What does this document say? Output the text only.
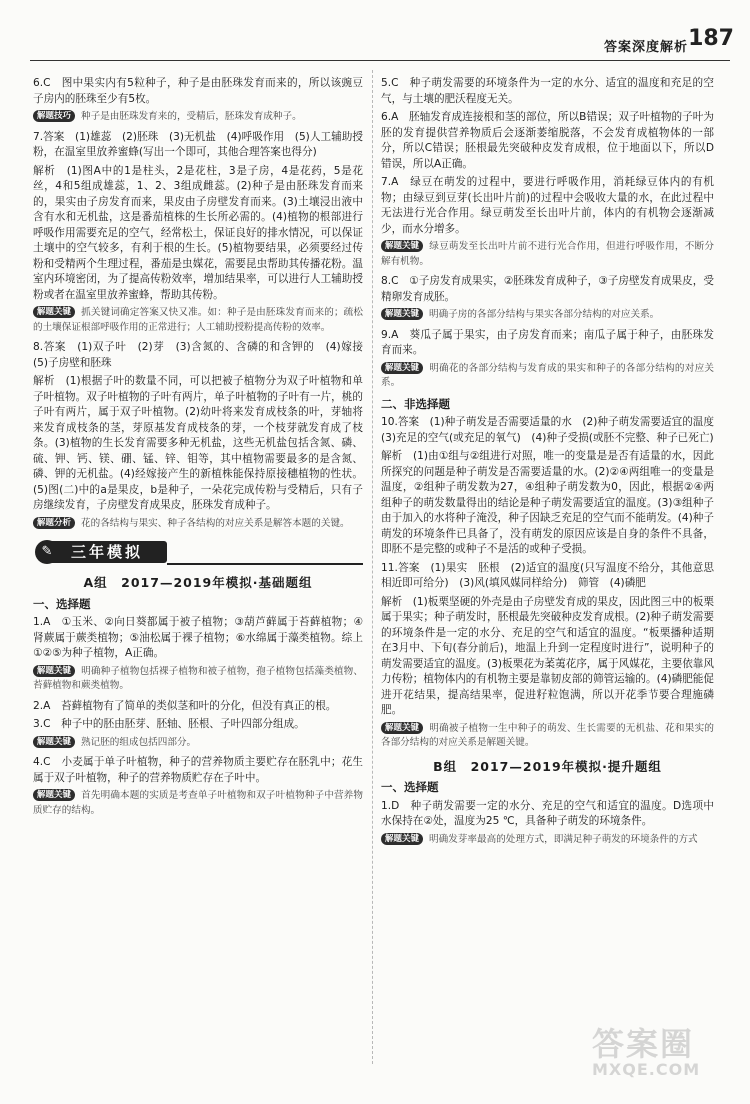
答案深度解析 187

6.C　图中果实内有5粒种子，种子是由胚珠发育而来的，所以该豌豆子房内的胚珠至少有5枚。

解题技巧 种子是由胚珠发育来的，受精后，胚珠发育成种子。

7.答案　(1)雄蕊　(2)胚珠　(3)无机盐　(4)呼吸作用　(5)人工辅助授粉，在温室里放养蜜蜂(写出一个即可，其他合理答案也得分)

解析　(1)图A中的1是柱头，2是花柱，3是子房，4是花药，5是花丝，4和5组成雄蕊，1、2、3组成雌蕊。(2)种子是由胚珠发育而来的，果实由子房发育而来，果皮由子房壁发育而来。(3)土壤浸出液中含有水和无机盐，这是番茄植株的生长所必需的。(4)植物的根部进行呼吸作用需要充足的空气，经常松土，保证良好的排水情况，可以保证土壤中的空气较多，有利于根的生长。(5)植物要结果，必须要经过传粉和受精两个生理过程，番茄是虫媒花，需要昆虫帮助其传播花粉。温室内环境密闭，为了提高传粉效率，增加结果率，可以进行人工辅助授粉或者在温室里放养蜜蜂，帮助其传粉。

解题关键 抓关键词确定答案又快又准。如：种子是由胚珠发育而来的；疏松的土壤保证根部呼吸作用的正常进行；人工辅助授粉提高传粉的效率。

8.答案　(1)双子叶　(2)芽　(3)含氮的、含磷的和含钾的　(4)嫁接　(5)子房壁和胚珠

解析　(1)根据子叶的数量不同，可以把被子植物分为双子叶植物和单子叶植物。双子叶植物的子叶有两片，单子叶植物的子叶有一片，桃的子叶有两片，属于双子叶植物。(2)幼叶将来发育成枝条的叶，芽轴将来发育成枝条的茎，芽原基发育成枝条的芽，一个枝芽就发育成了枝条。(3)植物的生长发育需要多种无机盐，这些无机盐包括含氮、磷、硫、钾、钙、镁、硼、锰、锌、钼等，其中植物需要最多的是含氮、磷、钾的无机盐。(4)经嫁接产生的新植株能保持原接穗植物的性状。(5)图(二)中的a是果皮，b是种子，一朵花完成传粉与受精后，只有子房继续发育，子房壁发育成果皮，胚珠发育成种子。

解题分析 花的各结构与果实、种子各结构的对应关系是解答本题的关键。

✎	三年模拟
A组　2017—2019年模拟·基础题组
一、选择题

1.A　①玉米、②向日葵都属于被子植物；③葫芦藓属于苔藓植物；④肾蕨属于蕨类植物；⑤油松属于裸子植物；⑥水绵属于藻类植物。综上①②⑤为种子植物，A正确。

解题关键 明确种子植物包括裸子植物和被子植物，孢子植物包括藻类植物、苔藓植物和蕨类植物。

2.A　苔藓植物有了简单的类似茎和叶的分化，但没有真正的根。

3.C　种子中的胚由胚芽、胚轴、胚根、子叶四部分组成。

解题关键 熟记胚的组成包括四部分。

4.C　小麦属于单子叶植物，种子的营养物质主要贮存在胚乳中；花生属于双子叶植物，种子的营养物质贮存在子叶中。

解题关键 首先明确本题的实质是考查单子叶植物和双子叶植物种子中营养物质贮存的结构。

5.C　种子萌发需要的环境条件为一定的水分、适宜的温度和充足的空气，与土壤的肥沃程度无关。

6.A　胚轴发育成连接根和茎的部位，所以B错误；双子叶植物的子叶为胚的发育提供营养物质后会逐渐萎缩脱落，不会发育成植物体的一部分，所以C错误；胚根最先突破种皮发育成根，位于地面以下，所以D错误，所以A正确。

7.A　绿豆在萌发的过程中，要进行呼吸作用，消耗绿豆体内的有机物；由绿豆到豆芽(长出叶片前)的过程中会吸收大量的水，在此过程中无法进行光合作用。绿豆萌发至长出叶片前，体内的有机物会逐渐减少，而水分增多。

解题关键 绿豆萌发至长出叶片前不进行光合作用，但进行呼吸作用，不断分解有机物。

8.C　①子房发育成果实，②胚珠发育成种子，③子房壁发育成果皮，受精卵发育成胚。

解题关键 明确子房的各部分结构与果实各部分结构的对应关系。

9.A　葵瓜子属于果实，由子房发育而来；南瓜子属于种子，由胚珠发育而来。

解题关键 明确花的各部分结构与发育成的果实和种子的各部分结构的对应关系。

二、非选择题

10.答案　(1)种子萌发是否需要适量的水　(2)种子萌发需要适宜的温度　(3)充足的空气(或充足的氧气)　(4)种子受损(或胚不完整、种子已死亡)

解析　(1)由①组与②组进行对照，唯一的变量是是否有适量的水，因此所探究的问题是种子萌发是否需要适量的水。(2)②④两组唯一的变量是温度，②组种子萌发数为27，④组种子萌发数为0，因此，根据②④两组种子的萌发数量得出的结论是种子萌发需要适宜的温度。(3)③组种子由于加入的水将种子淹没，种子因缺乏充足的空气而不能萌发。(4)种子萌发的环境条件已具备了，没有萌发的原因应该是自身的条件不具备，即胚不是完整的或种子不是活的或种子受损。

11.答案　(1)果实　胚根　(2)适宜的温度(只写温度不给分，其他意思相近即可给分)　(3)风(填风媒同样给分)　筛管　(4)磷肥

解析　(1)板栗坚硬的外壳是由子房壁发育成的果皮，因此图三中的板栗属于果实；种子萌发时，胚根最先突破种皮发育成根。(2)种子萌发需要的环境条件是一定的水分、充足的空气和适宜的温度。“板栗播种适期在3月中、下旬(春分前后)，地温上升到一定程度时进行”，说明种子的萌发需要适宜的温度。(3)板栗花为葇荑花序，属于风媒花，主要依靠风力传粉；植物体内的有机物主要是靠韧皮部的筛管运输的。(4)磷肥能促进开花结果，提高结果率，促进籽粒饱满，所以开花季节要合理施磷肥。

解题关键 明确被子植物一生中种子的萌发、生长需要的无机盐、花和果实的各部分结构的对应关系是解题关键。

B组　2017—2019年模拟·提升题组
一、选择题

1.D　种子萌发需要一定的水分、充足的空气和适宜的温度。D选项中水保持在②处，温度为25 ℃，具备种子萌发的环境条件。

解题关键 明确发芽率最高的处理方式，即满足种子萌发的环境条件的方式

答案圈
MXQE.COM
